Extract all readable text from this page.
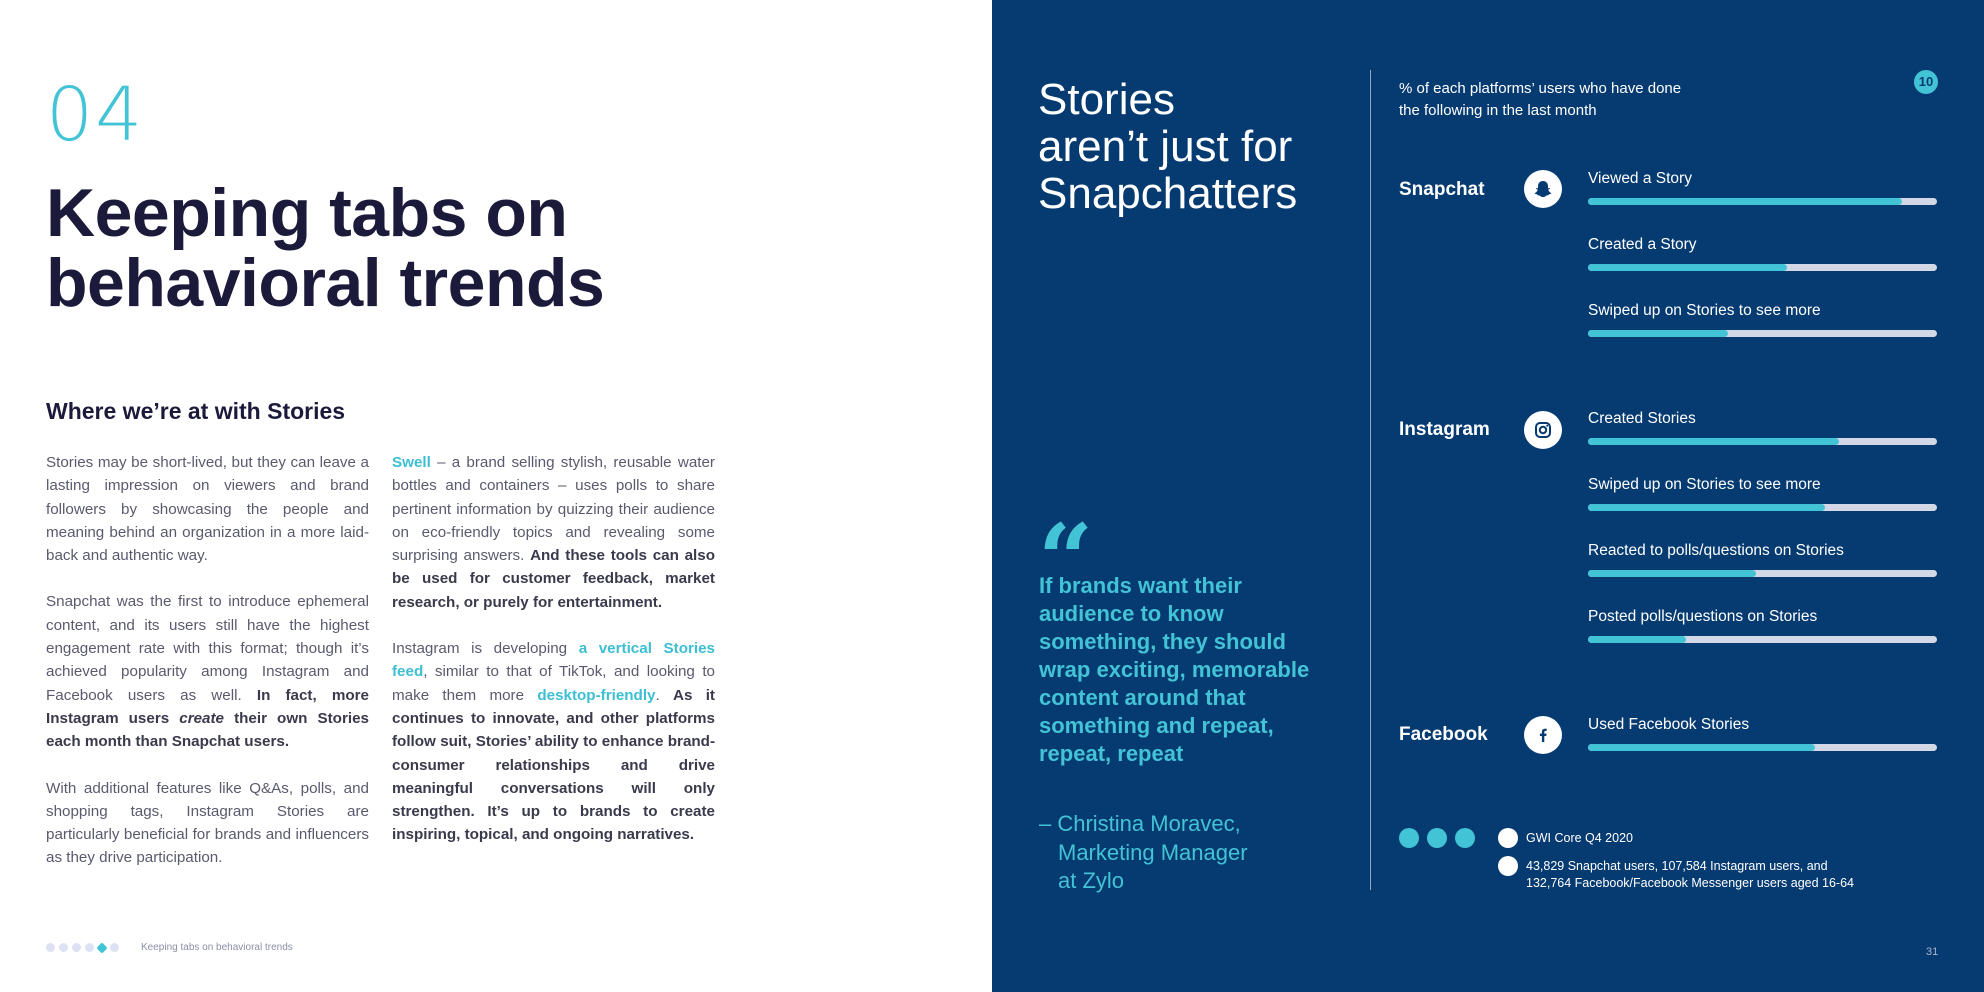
04
Keeping tabs on behavioral trends
Where we’re at with Stories

Stories may be short-lived, but they can leave a lasting impression on viewers and brand followers by showcasing the people and meaning behind an organization in a more laid-back and authentic way.

Snapchat was the first to introduce ephemeral content, and its users still have the highest engagement rate with this format; though it’s achieved popularity among Instagram and Facebook users as well. In fact, more Instagram users create their own Stories each month than Snapchat users.

With additional features like Q&As, polls, and shopping tags, Instagram Stories are particularly beneficial for brands and influencers as they drive participation.

Swell – a brand selling stylish, reusable water bottles and containers – uses polls to share pertinent information by quizzing their audience on eco-friendly topics and revealing some surprising answers. And these tools can also be used for customer feedback, market research, or purely for entertainment.

Instagram is developing a vertical Stories feed, similar to that of TikTok, and looking to make them more desktop-friendly. As it continues to innovate, and other platforms follow suit, Stories’ ability to enhance brand-consumer relationships and drive meaningful conversations will only strengthen. It’s up to brands to create inspiring, topical, and ongoing narratives.

Keeping tabs on behavioral trends
Stories
aren’t just for
Snapchatters
“

If brands want their audience to know something, they should wrap exciting, memorable content around that something and repeat, repeat, repeat

– Christina Moravec,
Marketing Manager
at Zylo
% of each platforms’ users who have done
the following in the last month
10
Snapchat
Viewed a Story
Created a Story
Swiped up on Stories to see more
Instagram
Created Stories
Swiped up on Stories to see more
Reacted to polls/questions on Stories
Posted polls/questions on Stories
Facebook	Used Facebook Stories
GWI Core Q4 2020
43,829 Snapchat users, 107,584 Instagram users, and
132,764 Facebook/Facebook Messenger users aged 16-64
31
